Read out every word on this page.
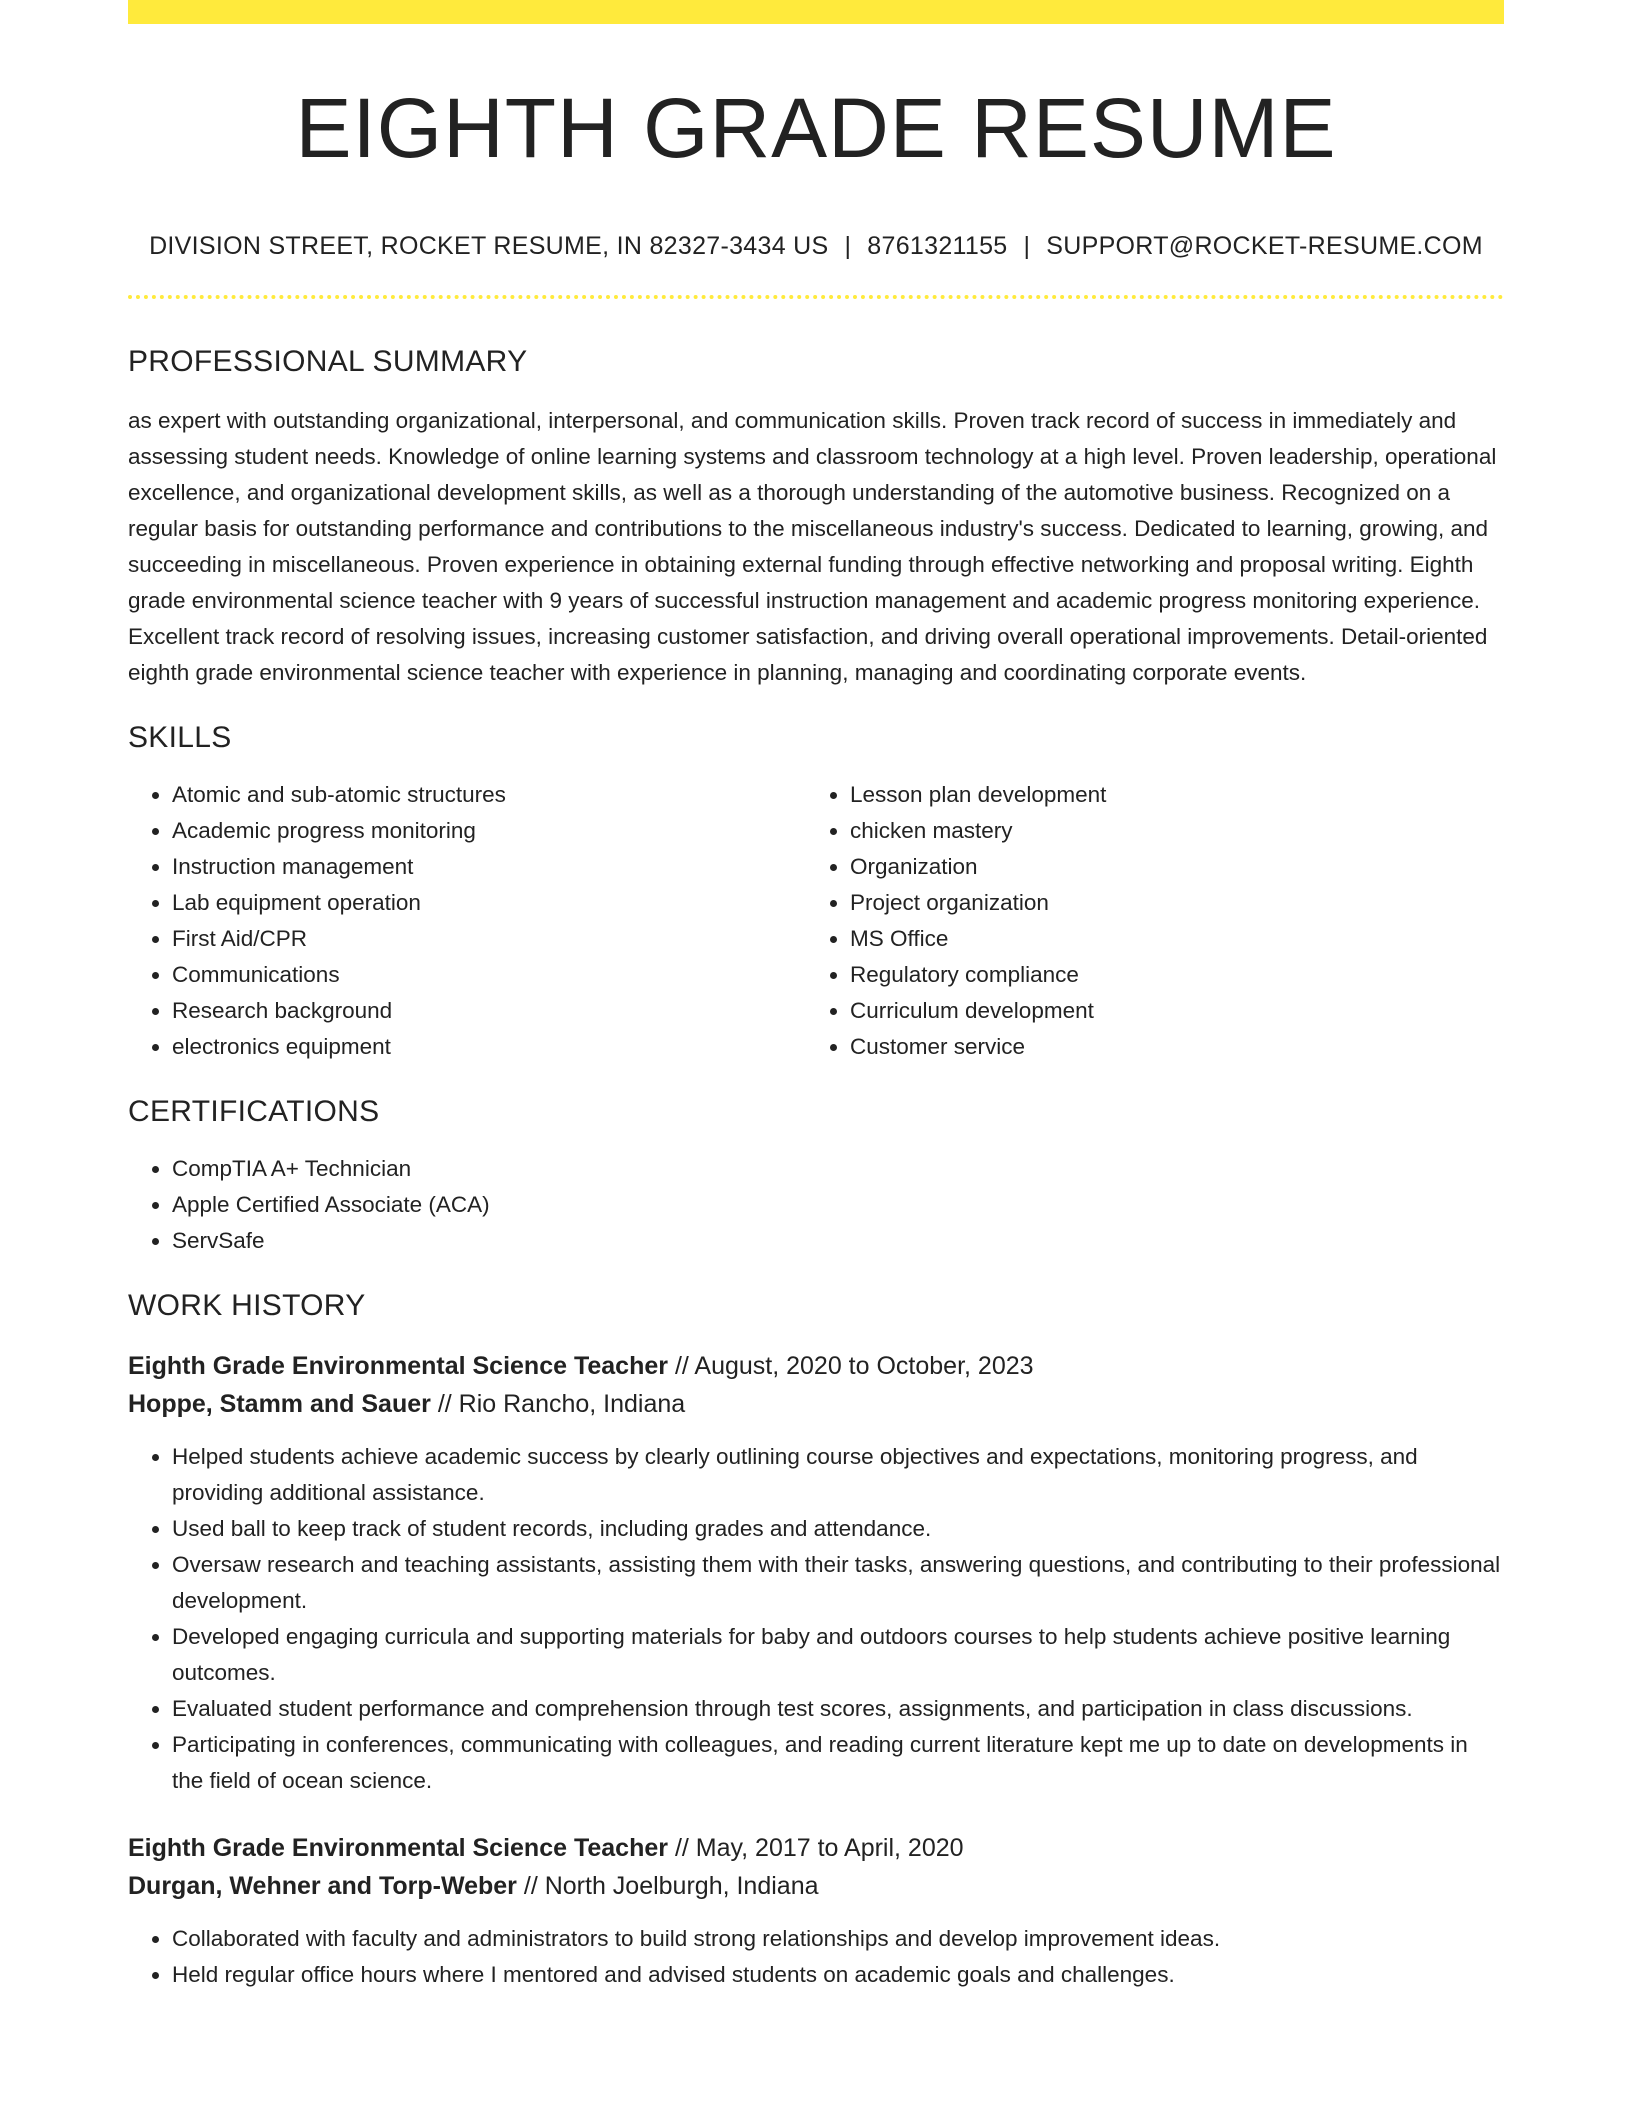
EIGHTH GRADE RESUME
DIVISION STREET, ROCKET RESUME, IN 82327-3434 US | 8761321155 | SUPPORT@ROCKET-RESUME.COM
PROFESSIONAL SUMMARY
as expert with outstanding organizational, interpersonal, and communication skills. Proven track record of success in immediately and assessing student needs. Knowledge of online learning systems and classroom technology at a high level. Proven leadership, operational excellence, and organizational development skills, as well as a thorough understanding of the automotive business. Recognized on a regular basis for outstanding performance and contributions to the miscellaneous industry's success. Dedicated to learning, growing, and succeeding in miscellaneous. Proven experience in obtaining external funding through effective networking and proposal writing. Eighth grade environmental science teacher with 9 years of successful instruction management and academic progress monitoring experience. Excellent track record of resolving issues, increasing customer satisfaction, and driving overall operational improvements. Detail-oriented eighth grade environmental science teacher with experience in planning, managing and coordinating corporate events.
SKILLS
• Atomic and sub-atomic structures
• Academic progress monitoring
• Instruction management
• Lab equipment operation
• First Aid/CPR
• Communications
• Research background
• electronics equipment
• Lesson plan development
• chicken mastery
• Organization
• Project organization
• MS Office
• Regulatory compliance
• Curriculum development
• Customer service
CERTIFICATIONS
• CompTIA A+ Technician
• Apple Certified Associate (ACA)
• ServSafe
WORK HISTORY
Eighth Grade Environmental Science Teacher // August, 2020 to October, 2023
Hoppe, Stamm and Sauer // Rio Rancho, Indiana
• Helped students achieve academic success by clearly outlining course objectives and expectations, monitoring progress, and providing additional assistance.
• Used ball to keep track of student records, including grades and attendance.
• Oversaw research and teaching assistants, assisting them with their tasks, answering questions, and contributing to their professional development.
• Developed engaging curricula and supporting materials for baby and outdoors courses to help students achieve positive learning outcomes.
• Evaluated student performance and comprehension through test scores, assignments, and participation in class discussions.
• Participating in conferences, communicating with colleagues, and reading current literature kept me up to date on developments in the field of ocean science.
Eighth Grade Environmental Science Teacher // May, 2017 to April, 2020
Durgan, Wehner and Torp-Weber // North Joelburgh, Indiana
• Collaborated with faculty and administrators to build strong relationships and develop improvement ideas.
• Held regular office hours where I mentored and advised students on academic goals and challenges.
